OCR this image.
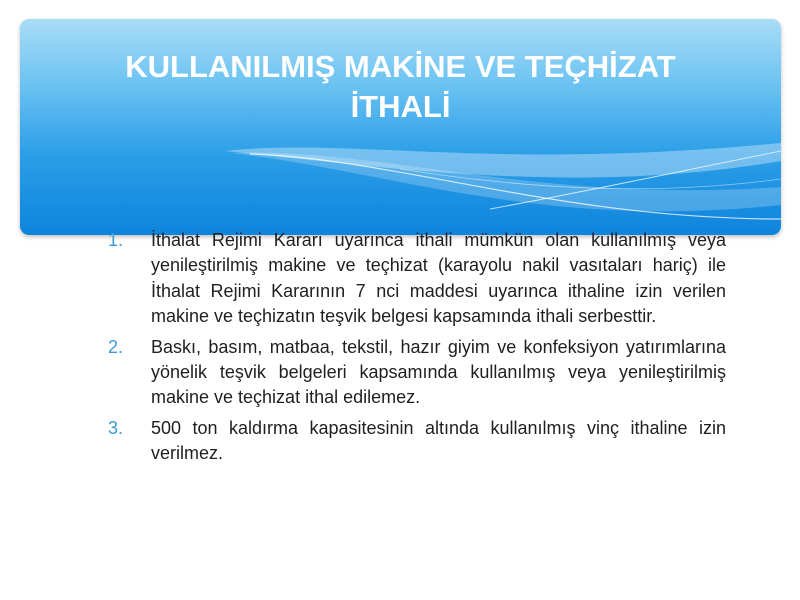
KULLANILMIŞ MAKİNE VE TEÇHİZAT
İTHALİ
1. İthalat Rejimi Kararı uyarınca ithali mümkün olan kullanılmış veya yenileştirilmiş makine ve teçhizat (karayolu nakil vasıtaları hariç) ile İthalat Rejimi Kararının 7 nci maddesi uyarınca ithaline izin verilen makine ve teçhizatın teşvik belgesi kapsamında ithali serbesttir.
2. Baskı, basım, matbaa, tekstil, hazır giyim ve konfeksiyon yatırımlarına yönelik teşvik belgeleri kapsamında kullanılmış veya yenileştirilmiş makine ve teçhizat ithal edilemez.
3. 500 ton kaldırma kapasitesinin altında kullanılmış vinç ithaline izin verilmez.
